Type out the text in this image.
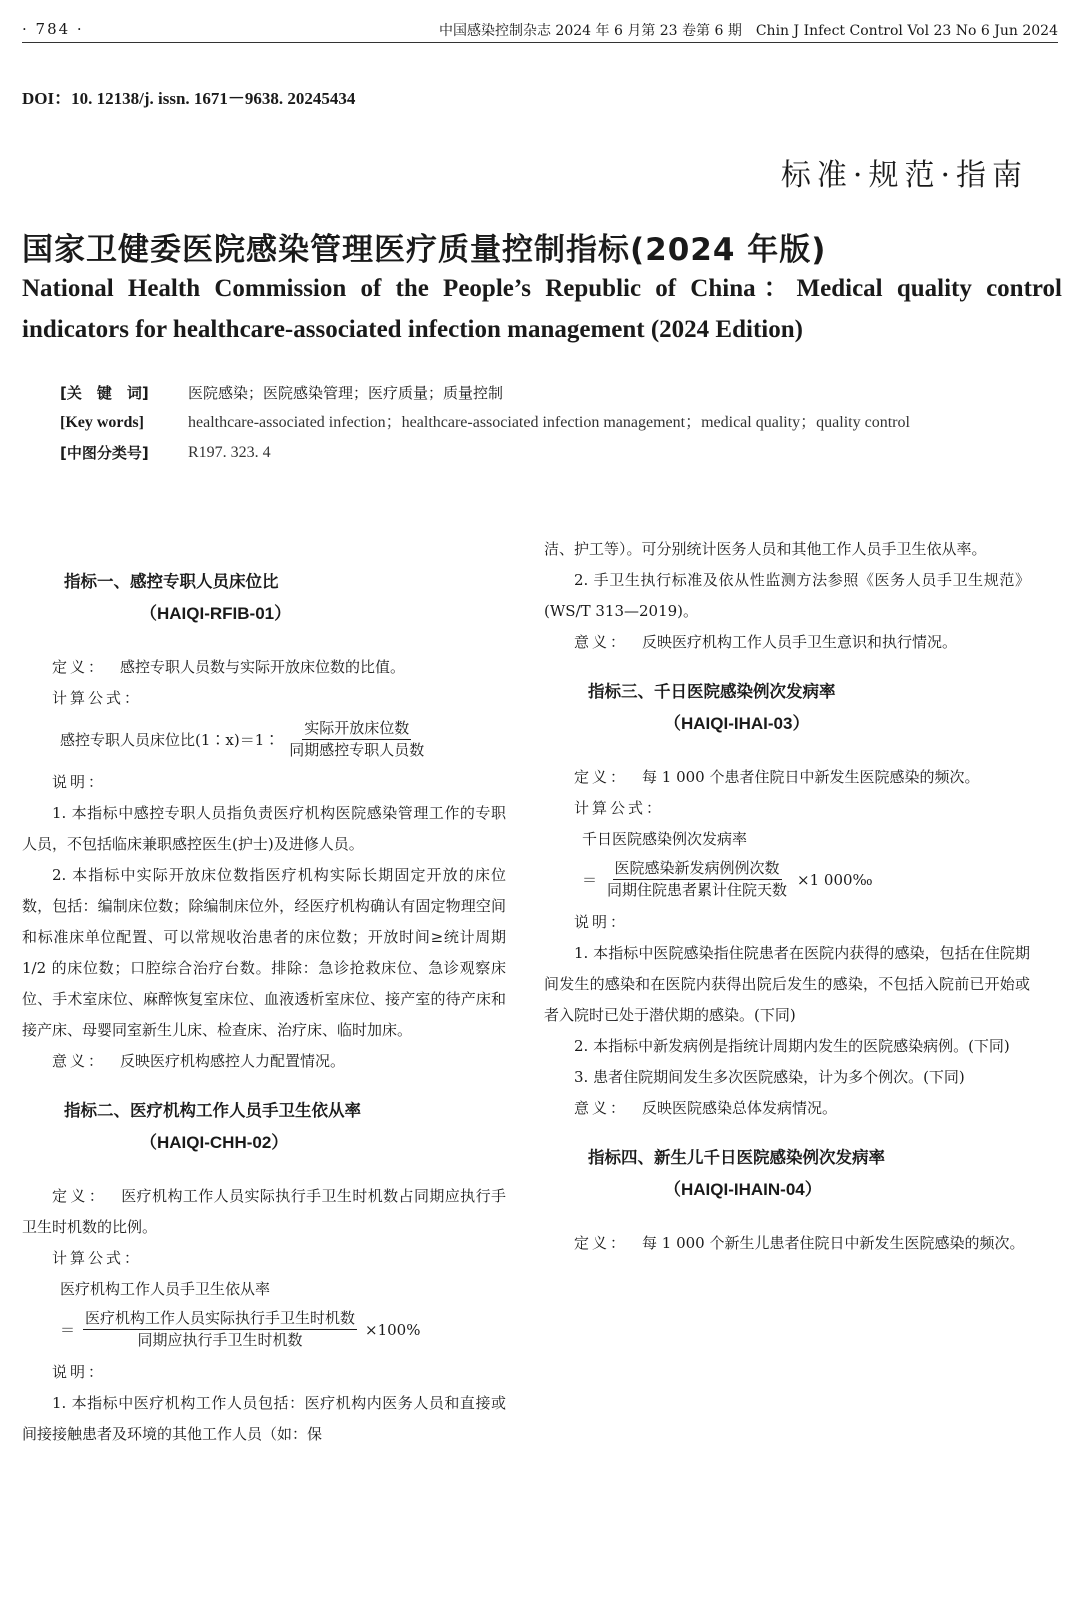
· 784 ·	中国感染控制杂志 2024 年 6 月第 23 卷第 6 期　Chin J Infect Control Vol 23 No 6 Jun 2024
DOI：10. 12138/j. issn. 1671－9638. 20245434
标准·规范·指南
国家卫健委医院感染管理医疗质量控制指标(2024 年版)
National Health Commission of the People’s Republic of China：Medical quality control indicators for healthcare-associated infection management (2024 Edition)
[关　键　词]	医院感染；医院感染管理；医疗质量；质量控制
[Key words]	healthcare-associated infection；healthcare-associated infection management；medical quality；quality control
[中图分类号]	R197. 323. 4
指标一、感控专职人员床位比
（HAIQI-RFIB-01）

定义： 感控专职人员数与实际开放床位数的比值。

计算公式：
感控专职人员床位比(1∶x)＝1∶ $\frac{\text{实际开放床位数}}{\text{同期感控专职人员数}}$
说明：

1. 本指标中感控专职人员指负责医疗机构医院感染管理工作的专职人员，不包括临床兼职感控医生(护士)及进修人员。

2. 本指标中实际开放床位数指医疗机构实际长期固定开放的床位数，包括：编制床位数；除编制床位外，经医疗机构确认有固定物理空间和标准床单位配置、可以常规收治患者的床位数；开放时间≥统计周期 1/2 的床位数；口腔综合治疗台数。排除：急诊抢救床位、急诊观察床位、手术室床位、麻醉恢复室床位、血液透析室床位、接产室的待产床和接产床、母婴同室新生儿床、检查床、治疗床、临时加床。

意义： 反映医疗机构感控人力配置情况。

指标二、医疗机构工作人员手卫生依从率
（HAIQI-CHH-02）

定义： 医疗机构工作人员实际执行手卫生时机数占同期应执行手卫生时机数的比例。

计算公式：
医疗机构工作人员手卫生依从率
＝ $\frac{\text{医疗机构工作人员实际执行手卫生时机数}}{\text{同期应执行手卫生时机数}} \times 100\%$
说明：

1. 本指标中医疗机构工作人员包括：医疗机构内医务人员和直接或间接接触患者及环境的其他工作人员（如：保

洁、护工等）。可分别统计医务人员和其他工作人员手卫生依从率。

2. 手卫生执行标准及依从性监测方法参照《医务人员手卫生规范》(WS/T 313—2019)。

意义： 反映医疗机构工作人员手卫生意识和执行情况。

指标三、千日医院感染例次发病率
（HAIQI-IHAI-03）

定义： 每 1 000 个患者住院日中新发生医院感染的频次。

计算公式：
千日医院感染例次发病率
＝ $\frac{\text{医院感染新发病例例次数}}{\text{同期住院患者累计住院天数}} \times 1$ 000‰
说明：

1. 本指标中医院感染指住院患者在医院内获得的感染，包括在住院期间发生的感染和在医院内获得出院后发生的感染，不包括入院前已开始或者入院时已处于潜伏期的感染。(下同)

2. 本指标中新发病例是指统计周期内发生的医院感染病例。(下同)

3. 患者住院期间发生多次医院感染，计为多个例次。(下同)

意义： 反映医院感染总体发病情况。

指标四、新生儿千日医院感染例次发病率
（HAIQI-IHAIN-04）

定义： 每 1 000 个新生儿患者住院日中新发生医院感染的频次。
